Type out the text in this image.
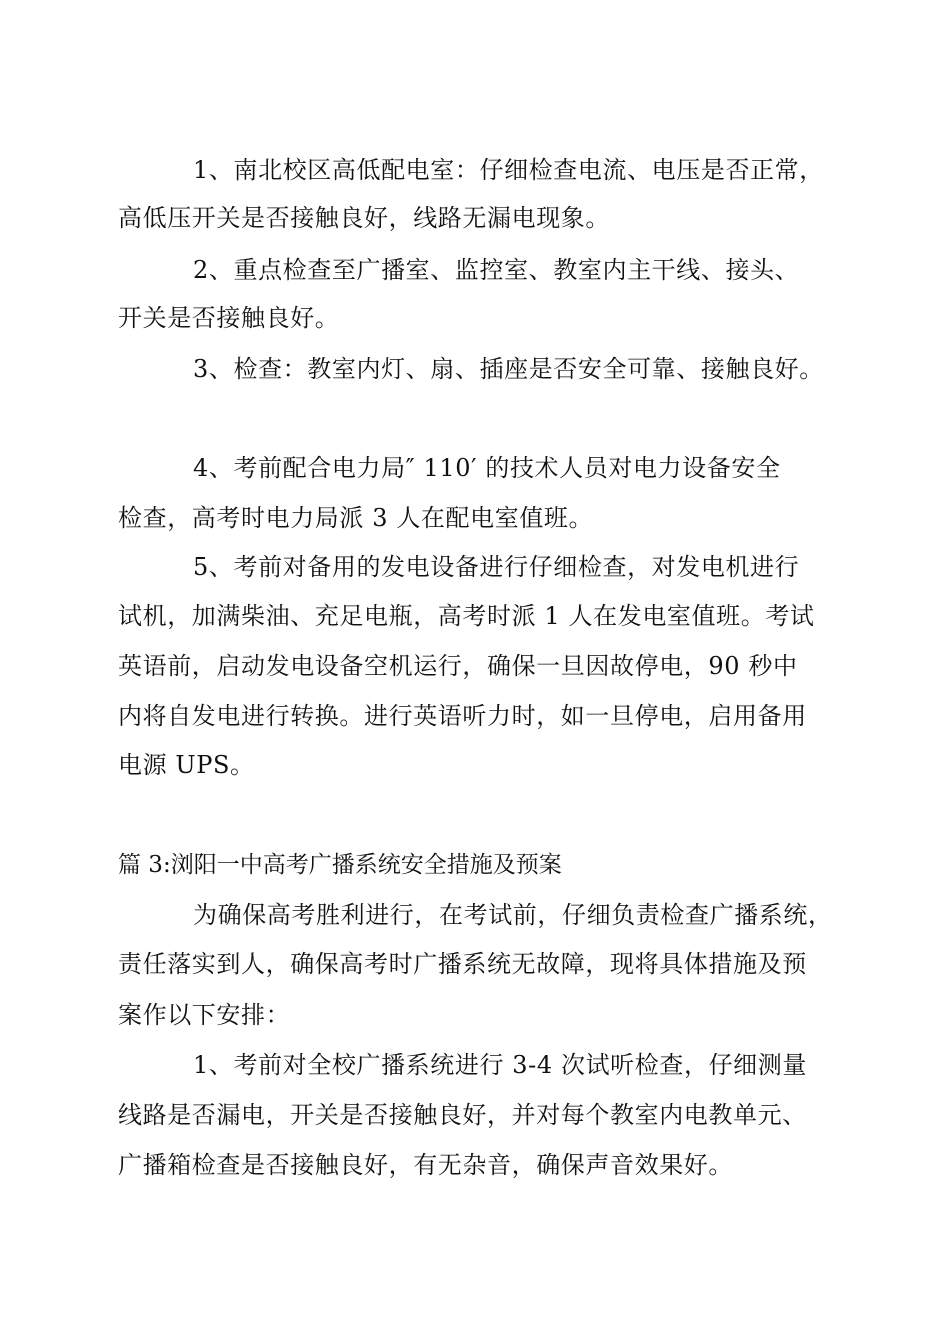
1、南北校区高低配电室：仔细检查电流、电压是否正常，
高低压开关是否接触良好，线路无漏电现象。
2、重点检查至广播室、监控室、教室内主干线、接头、
开关是否接触良好。
3、检查：教室内灯、扇、插座是否安全可靠、接触良好。
4、考前配合电力局″ 110′ 的技术人员对电力设备安全
检查，高考时电力局派 3 人在配电室值班。
5、考前对备用的发电设备进行仔细检查，对发电机进行
试机，加满柴油、充足电瓶，高考时派 1 人在发电室值班。考试
英语前，启动发电设备空机运行，确保一旦因故停电，90 秒中
内将自发电进行转换。进行英语听力时，如一旦停电，启用备用
电源 UPS。
篇 3:浏阳一中高考广播系统安全措施及预案
为确保高考胜利进行，在考试前，仔细负责检查广播系统，
责任落实到人，确保高考时广播系统无故障，现将具体措施及预
案作以下安排：
1、考前对全校广播系统进行 3-4 次试听检查，仔细测量
线路是否漏电，开关是否接触良好，并对每个教室内电教单元、
广播箱检查是否接触良好，有无杂音，确保声音效果好。
